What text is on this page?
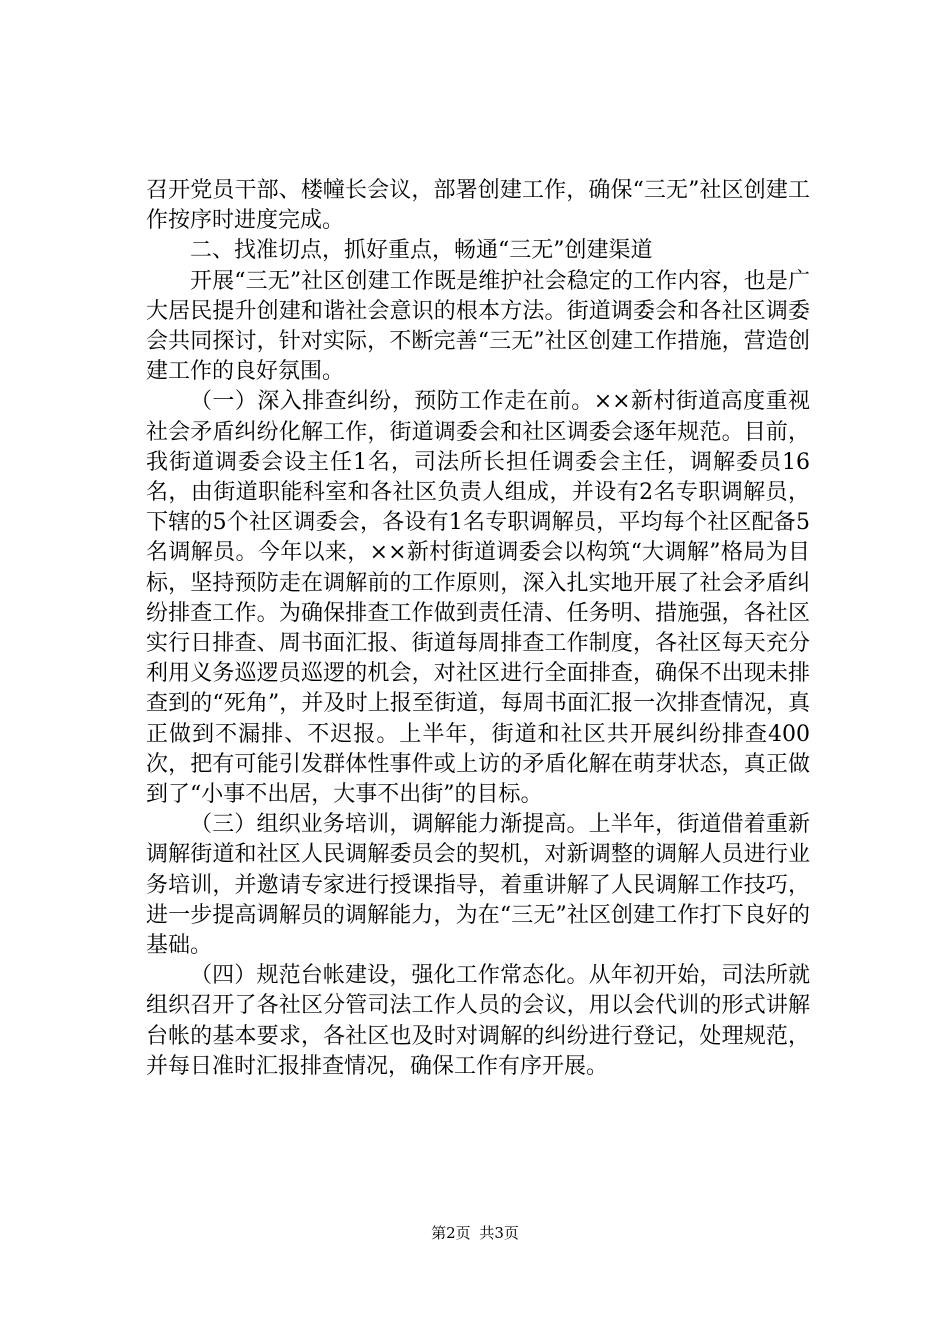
召开党员干部、楼幢长会议，部署创建工作，确保“三无”社区创建工作按序时进度完成。

二、找准切点，抓好重点，畅通“三无”创建渠道

开展“三无”社区创建工作既是维护社会稳定的工作内容，也是广大居民提升创建和谐社会意识的根本方法。街道调委会和各社区调委会共同探讨，针对实际，不断完善“三无”社区创建工作措施，营造创建工作的良好氛围。

（一）深入排查纠纷，预防工作走在前。××新村街道高度重视社会矛盾纠纷化解工作，街道调委会和社区调委会逐年规范。目前，我街道调委会设主任1名，司法所长担任调委会主任，调解委员16名，由街道职能科室和各社区负责人组成，并设有2名专职调解员，下辖的5个社区调委会，各设有1名专职调解员，平均每个社区配备5名调解员。今年以来，××新村街道调委会以构筑“大调解”格局为目标，坚持预防走在调解前的工作原则，深入扎实地开展了社会矛盾纠纷排查工作。为确保排查工作做到责任清、任务明、措施强，各社区实行日排查、周书面汇报、街道每周排查工作制度，各社区每天充分利用义务巡逻员巡逻的机会，对社区进行全面排查，确保不出现未排查到的“死角”，并及时上报至街道，每周书面汇报一次排查情况，真正做到不漏排、不迟报。上半年，街道和社区共开展纠纷排查400次，把有可能引发群体性事件或上访的矛盾化解在萌芽状态，真正做到了“小事不出居，大事不出街”的目标。

（三）组织业务培训，调解能力渐提高。上半年，街道借着重新调解街道和社区人民调解委员会的契机，对新调整的调解人员进行业务培训，并邀请专家进行授课指导，着重讲解了人民调解工作技巧，进一步提高调解员的调解能力，为在“三无”社区创建工作打下良好的基础。

（四）规范台帐建设，强化工作常态化。从年初开始，司法所就组织召开了各社区分管司法工作人员的会议，用以会代训的形式讲解台帐的基本要求，各社区也及时对调解的纠纷进行登记，处理规范，并每日准时汇报排查情况，确保工作有序开展。

第2页 共3页
